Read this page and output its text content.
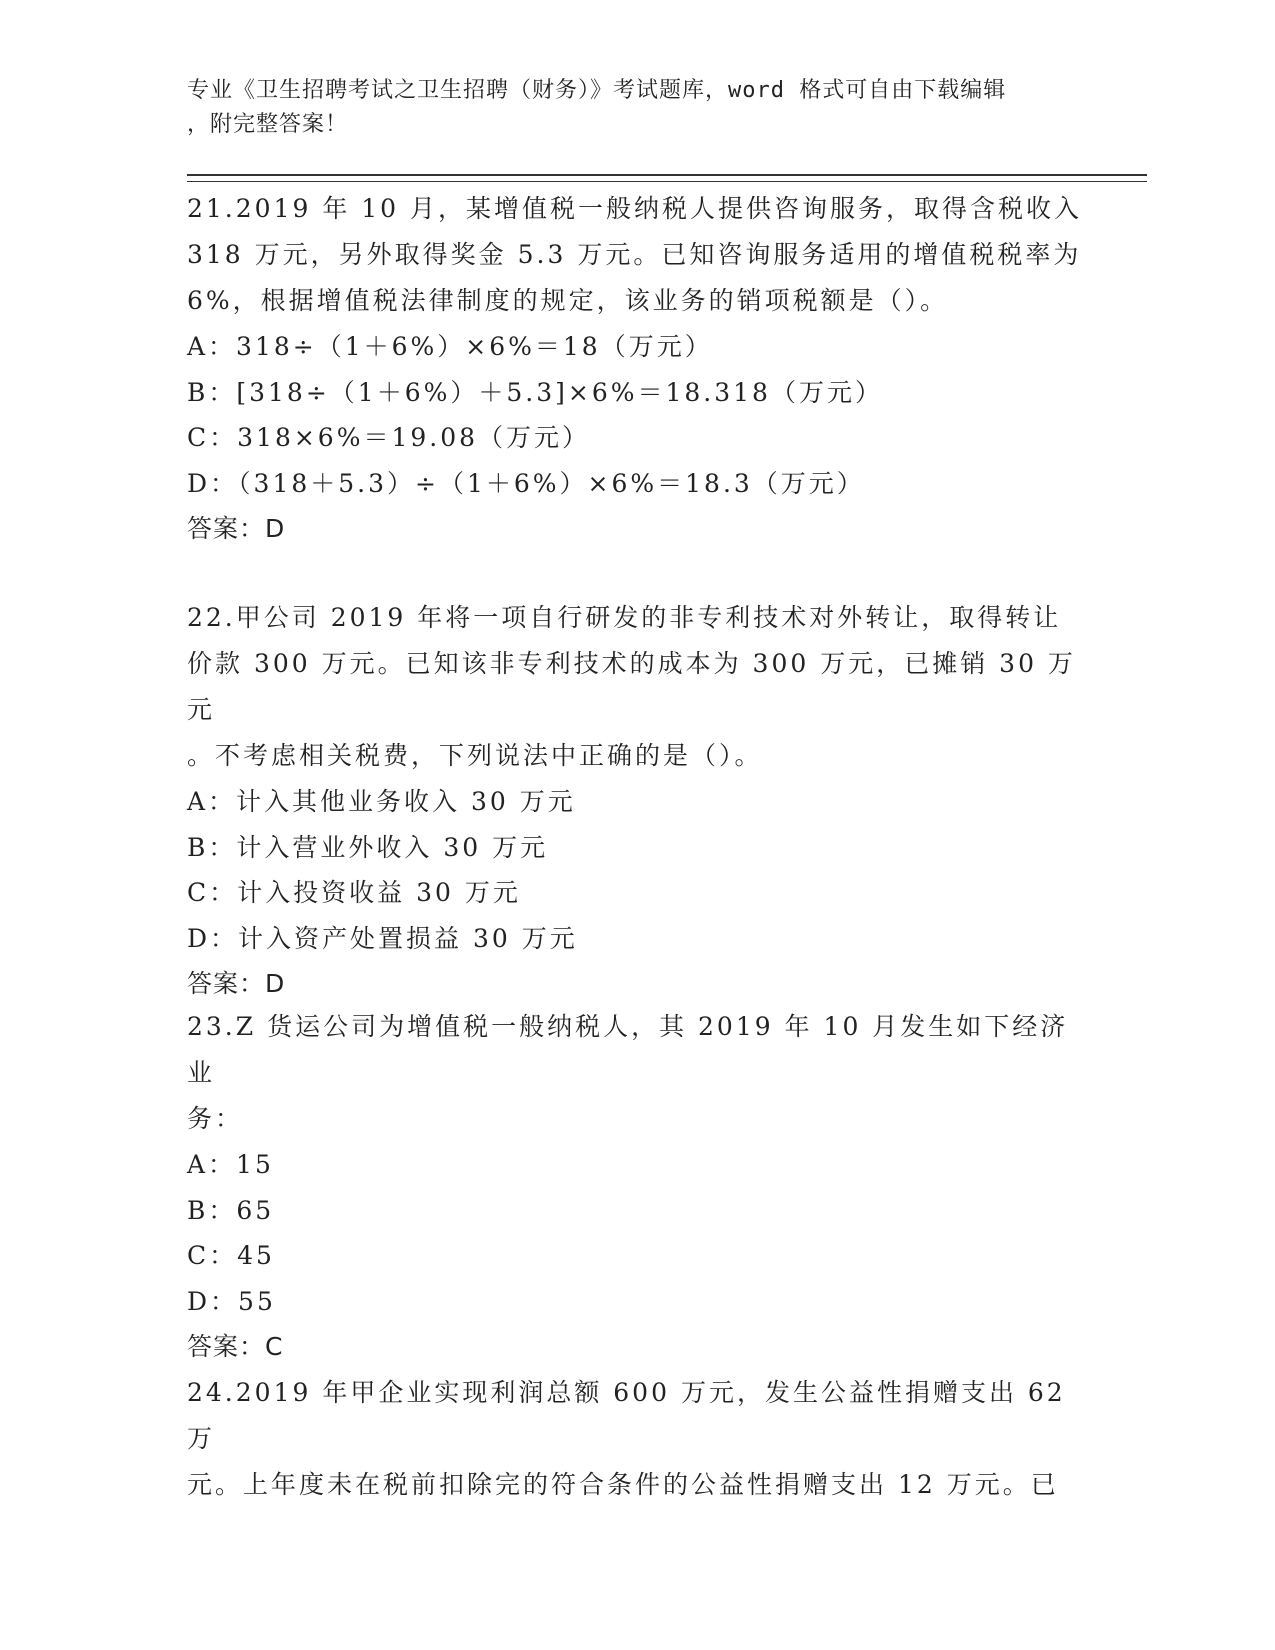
专业《卫生招聘考试之卫生招聘（财务）》考试题库，word 格式可自由下载编辑
，附完整答案！

21.2019 年 10 月，某增值税一般纳税人提供咨询服务，取得含税收入

318 万元，另外取得奖金 5.3 万元。已知咨询服务适用的增值税税率为

6%，根据增值税法律制度的规定，该业务的销项税额是（）。

A：318÷（1＋6%）×6%＝18（万元）

B：[318÷（1＋6%）＋5.3]×6%＝18.318（万元）

C：318×6%＝19.08（万元）

D：（318＋5.3）÷（1＋6%）×6%＝18.3（万元）

答案：D

22.甲公司 2019 年将一项自行研发的非专利技术对外转让，取得转让

价款 300 万元。已知该非专利技术的成本为 300 万元，已摊销 30 万元

。不考虑相关税费，下列说法中正确的是（）。

A：计入其他业务收入 30 万元

B：计入营业外收入 30 万元

C：计入投资收益 30 万元

D：计入资产处置损益 30 万元

答案：D

23.Z 货运公司为增值税一般纳税人，其 2019 年 10 月发生如下经济业

务：

A：15

B：65

C：45

D：55

答案：C

24.2019 年甲企业实现利润总额 600 万元，发生公益性捐赠支出 62 万

元。上年度未在税前扣除完的符合条件的公益性捐赠支出 12 万元。已
